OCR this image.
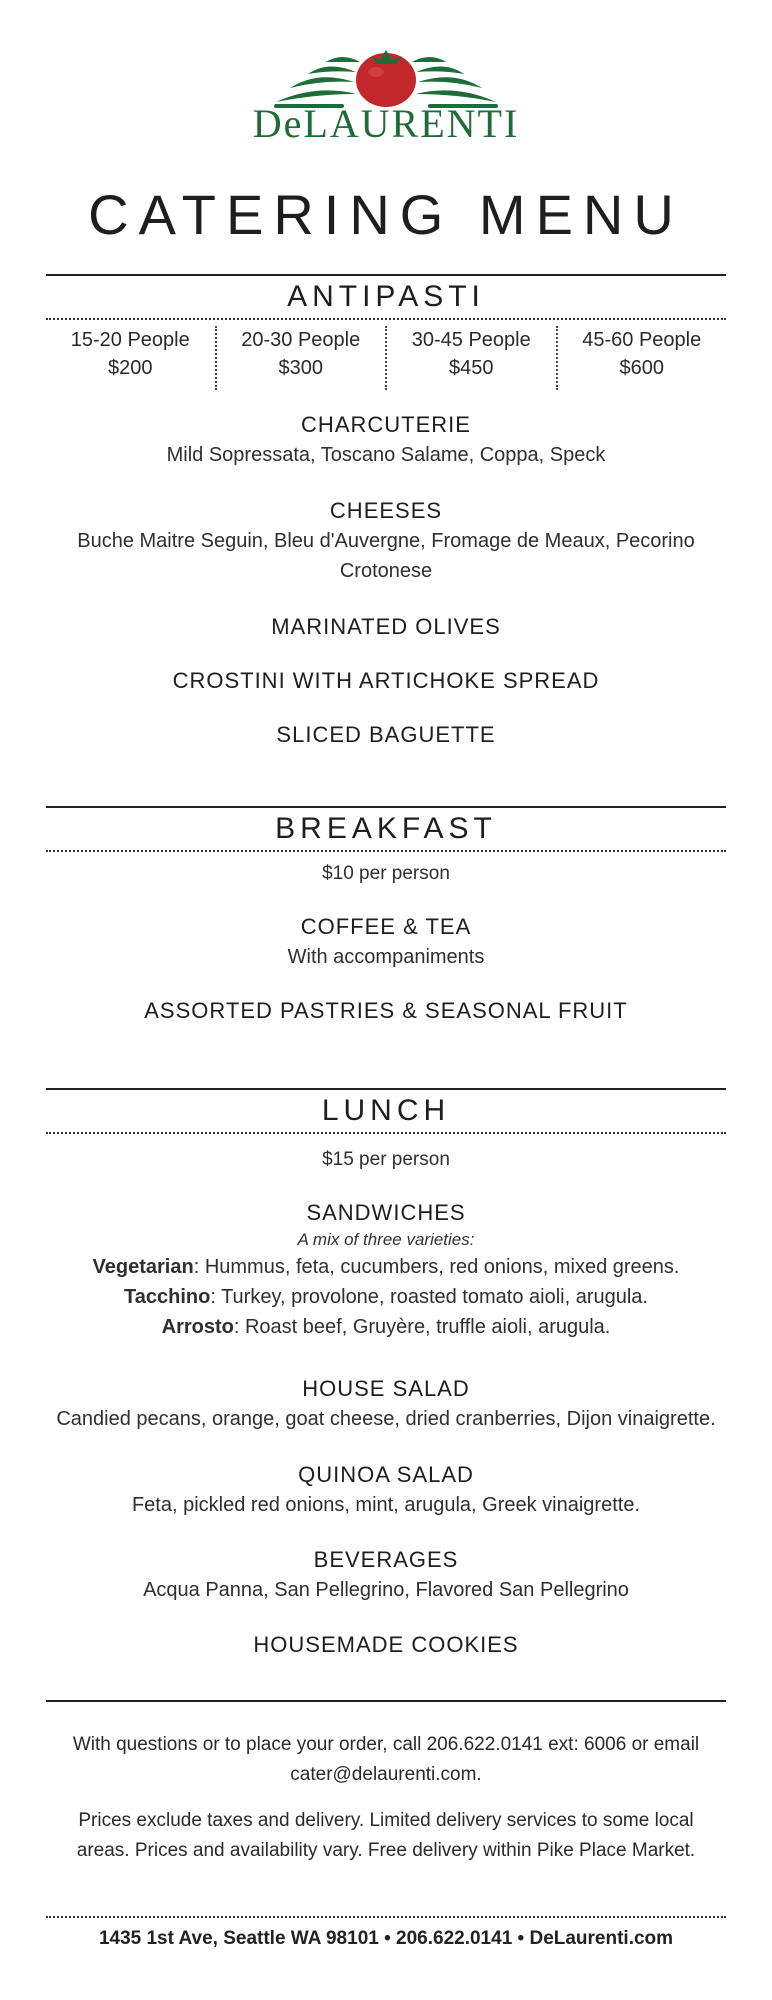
DeLAURENTI
CATERING MENU
ANTIPASTI
15-20 People
$200
20-30 People
$300
30-45 People
$450
45-60 People
$600
CHARCUTERIE
Mild Sopressata, Toscano Salame, Coppa, Speck
CHEESES
Buche Maitre Seguin, Bleu d'Auvergne, Fromage de Meaux, Pecorino Crotonese
MARINATED OLIVES
CROSTINI WITH ARTICHOKE SPREAD
SLICED BAGUETTE
BREAKFAST
$10 per person
COFFEE & TEA
With accompaniments
ASSORTED PASTRIES & SEASONAL FRUIT
LUNCH
$15 per person
SANDWICHES
A mix of three varieties:
Vegetarian: Hummus, feta, cucumbers, red onions, mixed greens.
Tacchino: Turkey, provolone, roasted tomato aioli, arugula.
Arrosto: Roast beef, Gruyère, truffle aioli, arugula.
HOUSE SALAD
Candied pecans, orange, goat cheese, dried cranberries, Dijon vinaigrette.
QUINOA SALAD
Feta, pickled red onions, mint, arugula, Greek vinaigrette.
BEVERAGES
Acqua Panna, San Pellegrino, Flavored San Pellegrino
HOUSEMADE COOKIES
With questions or to place your order, call 206.622.0141 ext: 6006 or email cater@delaurenti.com.
Prices exclude taxes and delivery. Limited delivery services to some local areas. Prices and availability vary. Free delivery within Pike Place Market.
1435 1st Ave, Seattle WA 98101 • 206.622.0141 • DeLaurenti.com
